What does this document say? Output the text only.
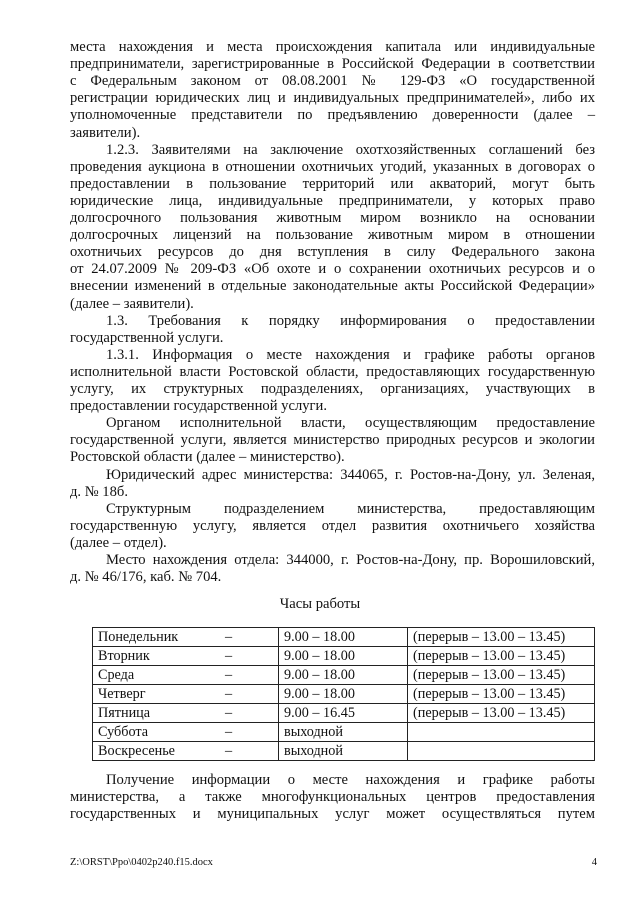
места нахождения и места происхождения капитала или индивидуальные

предприниматели, зарегистрированные в Российской Федерации в соответствии

с Федеральным законом от 08.08.2001 № 129-ФЗ «О государственной

регистрации юридических лиц и индивидуальных предпринимателей», либо их

уполномоченные представители по предъявлению доверенности (далее –

заявители).

1.2.3. Заявителями на заключение охотхозяйственных соглашений без

проведения аукциона в отношении охотничьих угодий, указанных в договорах о

предоставлении в пользование территорий или акваторий, могут быть

юридические лица, индивидуальные предприниматели, у которых право

долгосрочного пользования животным миром возникло на основании

долгосрочных лицензий на пользование животным миром в отношении

охотничьих ресурсов до дня вступления в силу Федерального закона

от 24.07.2009 № 209-ФЗ «Об охоте и о сохранении охотничьих ресурсов и о

внесении изменений в отдельные законодательные акты Российской Федерации»

(далее – заявители).

1.3. Требования к порядку информирования о предоставлении

государственной услуги.

1.3.1. Информация о месте нахождения и графике работы органов

исполнительной власти Ростовской области, предоставляющих государственную

услугу, их структурных подразделениях, организациях, участвующих в

предоставлении государственной услуги.

Органом исполнительной власти, осуществляющим предоставление

государственной услуги, является министерство природных ресурсов и экологии

Ростовской области (далее – министерство).

Юридический адрес министерства: 344065, г. Ростов-на-Дону, ул. Зеленая,

д. № 18б.

Структурным подразделением министерства, предоставляющим

государственную услугу, является отдел развития охотничьего хозяйства

(далее – отдел).

Место нахождения отдела: 344000, г. Ростов-на-Дону, пр. Ворошиловский,

д. № 46/176, каб. № 704.

Часы работы
Понедельник	–	9.00 – 18.00	(перерыв – 13.00 – 13.45)
Вторник	–	9.00 – 18.00	(перерыв – 13.00 – 13.45)
Среда	–	9.00 – 18.00	(перерыв – 13.00 – 13.45)
Четверг	–	9.00 – 18.00	(перерыв – 13.00 – 13.45)
Пятница	–	9.00 – 16.45	(перерыв – 13.00 – 13.45)
Суббота	–	выходной	
Воскресенье	–	выходной	

Получение информации о месте нахождения и графике работы

министерства, а также многофункциональных центров предоставления

государственных и муниципальных услуг может осуществляться путем

Z:\ORST\Ppo\0402p240.f15.docx	4
